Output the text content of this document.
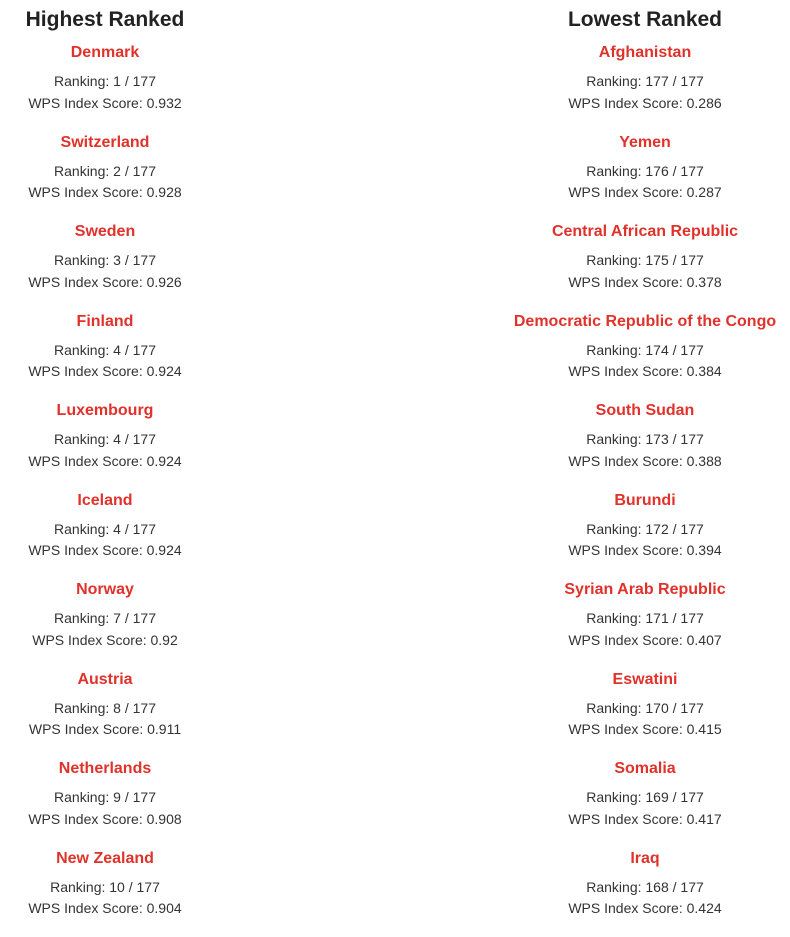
Highest Ranked
Denmark
Ranking: 1 / 177
WPS Index Score: 0.932
Switzerland
Ranking: 2 / 177
WPS Index Score: 0.928
Sweden
Ranking: 3 / 177
WPS Index Score: 0.926
Finland
Ranking: 4 / 177
WPS Index Score: 0.924
Luxembourg
Ranking: 4 / 177
WPS Index Score: 0.924
Iceland
Ranking: 4 / 177
WPS Index Score: 0.924
Norway
Ranking: 7 / 177
WPS Index Score: 0.92
Austria
Ranking: 8 / 177
WPS Index Score: 0.911
Netherlands
Ranking: 9 / 177
WPS Index Score: 0.908
New Zealand
Ranking: 10 / 177
WPS Index Score: 0.904
Lowest Ranked
Afghanistan
Ranking: 177 / 177
WPS Index Score: 0.286
Yemen
Ranking: 176 / 177
WPS Index Score: 0.287
Central African Republic
Ranking: 175 / 177
WPS Index Score: 0.378
Democratic Republic of the Congo
Ranking: 174 / 177
WPS Index Score: 0.384
South Sudan
Ranking: 173 / 177
WPS Index Score: 0.388
Burundi
Ranking: 172 / 177
WPS Index Score: 0.394
Syrian Arab Republic
Ranking: 171 / 177
WPS Index Score: 0.407
Eswatini
Ranking: 170 / 177
WPS Index Score: 0.415
Somalia
Ranking: 169 / 177
WPS Index Score: 0.417
Iraq
Ranking: 168 / 177
WPS Index Score: 0.424
